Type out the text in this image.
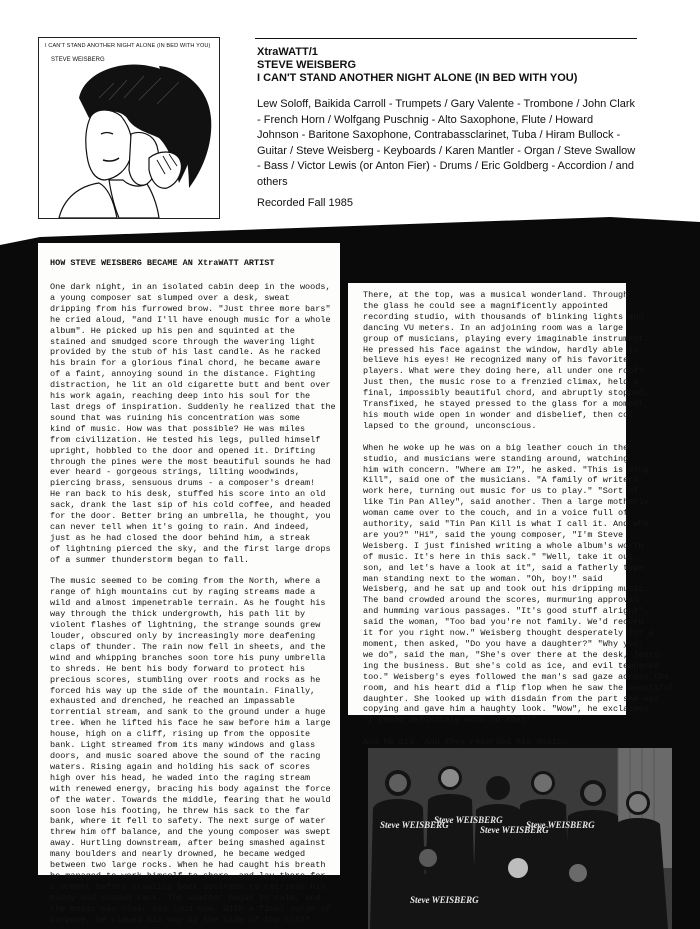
I CAN'T STAND ANOTHER NIGHT ALONE (IN BED WITH YOU)
STEVE WEISBERG
XtraWATT/1
STEVE WEISBERG
I CAN'T STAND ANOTHER NIGHT ALONE (IN BED WITH YOU)
Lew Soloff, Baikida Carroll - Trumpets / Gary Valente - Trombone / John Clark - French Horn / Wolfgang Puschnig - Alto Saxophone, Flute / Howard Johnson - Baritone Saxophone, Contrabassclarinet, Tuba / Hiram Bullock - Guitar / Steve Weisberg - Keyboards / Karen Mantler - Organ / Steve Swallow - Bass / Victor Lewis (or Anton Fier) - Drums / Eric Goldberg - Accordion / and others
Recorded Fall 1985
HOW STEVE WEISBERG BECAME AN XtraWATT ARTIST
One dark night, in an isolated cabin deep in the woods,
a young composer sat slumped over a desk, sweat
dripping from his furrowed brow. "Just three more bars"
he cried aloud, "and I'll have enough music for a whole
album". He picked up his pen and squinted at the
stained and smudged score through the wavering light
provided by the stub of his last candle. As he racked
his brain for a glorious final chord, he became aware
of a faint, annoying sound in the distance. Fighting
distraction, he lit an old cigarette butt and bent over
his work again, reaching deep into his soul for the
last dregs of inspiration. Suddenly he realized that the
sound that was ruining his concentration was some
kind of music. How was that possible? He was miles
from civilization. He tested his legs, pulled himself
upright, hobbled to the door and opened it. Drifting
through the pines were the most beautiful sounds he had
ever heard - gorgeous strings, lilting woodwinds,
piercing brass, sensuous drums - a composer's dream!
He ran back to his desk, stuffed his score into an old
sack, drank the last sip of his cold coffee, and headed
for the door. Better bring an umbrella, he thought, you
can never tell when it's going to rain. And indeed,
just as he had closed the door behind him, a streak
of lightning pierced the sky, and the first large drops
of a summer thunderstorm began to fall.

The music seemed to be coming from the North, where a
range of high mountains cut by raging streams made a
wild and almost impenetrable terrain. As he fought his
way through the thick undergrowth, his path lit by
violent flashes of lightning, the strange sounds grew
louder, obscured only by increasingly more deafening
claps of thunder. The rain now fell in sheets, and the
wind and whipping branches soon tore his puny umbrella
to shreds. He bent his body forward to protect his
precious scores, stumbling over roots and rocks as he
forced his way up the side of the mountain. Finally,
exhausted and drenched, he reached an impassable
torrential stream, and sank to the ground under a huge
tree. When he lifted his face he saw before him a large
house, high on a cliff, rising up from the opposite
bank. Light streamed from its many windows and glass
doors, and music soared above the sound of the racing
waters. Rising again and holding his sack of scores
high over his head, he waded into the raging stream
with renewed energy, bracing his body against the force
of the water. Towards the middle, fearing that he would
soon lose his footing, he threw his sack to the far
bank, where it fell to safety. The next surge of water
threw him off balance, and the young composer was swept
away. Hurtling downstream, after being smashed against
many boulders and nearly drowned, he became wedged
between two large rocks. When he had caught his breath
he managed to work himself to shore, and lay there for
a moment before crawling back upstream to retrieve his
muddy and sodden sack. The weather began to calm, and
the music was clear and loud now. With a final surge of
purpose, he clawed his way up the side of the cliff.
There, at the top, was a musical wonderland. Through
the glass he could see a magnificently appointed
recording studio, with thousands of blinking lights and
dancing VU meters. In an adjoining room was a large
group of musicians, playing every imaginable instrument.
He pressed his face against the window, hardly able to
believe his eyes! He recognized many of his favorite
players. What were they doing here, all under one roof?
Just then, the music rose to a frenzied climax, held a
final, impossibly beautiful chord, and abruptly stopped.
Transfixed, he stayed pressed to the glass for a moment,
his mouth wide open in wonder and disbelief, then col-
lapsed to the ground, unconscious.

When he woke up he was on a big leather couch in the
studio, and musicians were standing around, watching
him with concern. "Where am I?", he asked. "This is Grog
Kill", said one of the musicians. "A family of writers
work here, turning out music for us to play." "Sort of
like Tin Pan Alley", said another. Then a large motherly
woman came over to the couch, and in a voice full of
authority, said "Tin Pan Kill is what I call it. And who
are you?" "Hi", said the young composer, "I'm Steve
Weisberg. I just finished writing a whole album's worth
of music. It's here in this sack." "Well, take it out,
son, and let's have a look at it", said a fatherly type
man standing next to the woman. "Oh, boy!" said
Weisberg, and he sat up and took out his dripping music.
The band crowded around the scores, murmuring approval
and humming various passages. "It's good stuff alright",
said the woman, "Too bad you're not family. We'd record
it for you right now." Weisberg thought desperately for a
moment, then asked, "Do you have a daughter?" "Why yes,
we do", said the man, "She's over there at the desk, learn-
ing the business. But she's cold as ice, and evil tempered
too." Weisberg's eyes followed the man's sad gaze across the
room, and his heart did a flip flop when he saw the beautiful
daughter. She looked up with disdain from the part she was
copying and gave him a haughty look. "Wow", he exclaimed,
"I could definitely work on that!"

And he did. And they recorded his music.
Steve WEISBERG
Steve WEISBERG
Steve WEISBERG
Steve WEISBERG
Steve WEISBERG
